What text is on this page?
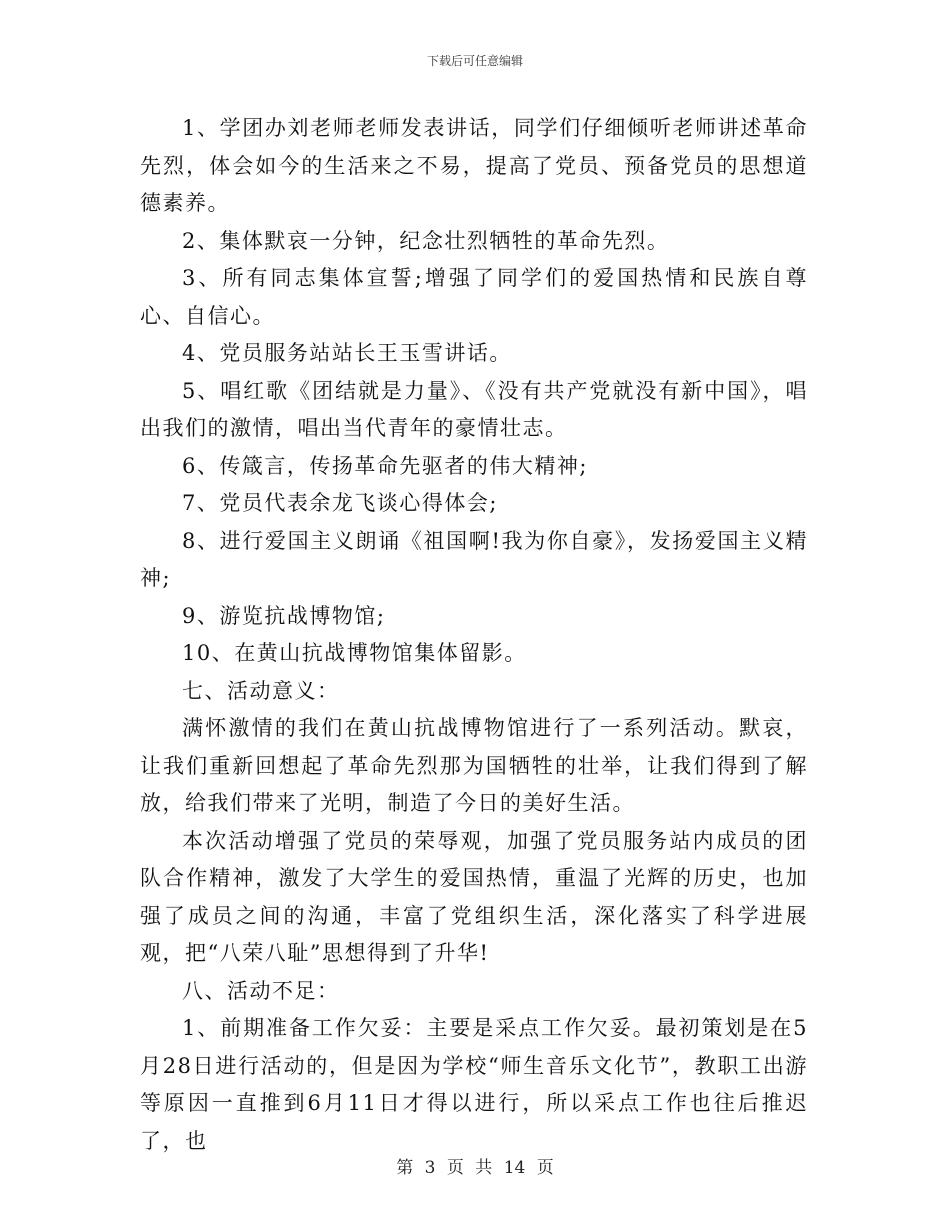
下载后可任意编辑

1、学团办刘老师老师发表讲话，同学们仔细倾听老师讲述革命先烈，体会如今的生活来之不易，提高了党员、预备党员的思想道德素养。

2、集体默哀一分钟，纪念壮烈牺牲的革命先烈。

3、所有同志集体宣誓;增强了同学们的爱国热情和民族自尊心、自信心。

4、党员服务站站长王玉雪讲话。

5、唱红歌《团结就是力量》、《没有共产党就没有新中国》，唱出我们的激情，唱出当代青年的豪情壮志。

6、传箴言，传扬革命先驱者的伟大精神;

7、党员代表余龙飞谈心得体会;

8、进行爱国主义朗诵《祖国啊!我为你自豪》，发扬爱国主义精神;

9、游览抗战博物馆;

10、在黄山抗战博物馆集体留影。

七、活动意义：

满怀激情的我们在黄山抗战博物馆进行了一系列活动。默哀，让我们重新回想起了革命先烈那为国牺牲的壮举，让我们得到了解放，给我们带来了光明，制造了今日的美好生活。

本次活动增强了党员的荣辱观，加强了党员服务站内成员的团队合作精神，激发了大学生的爱国热情，重温了光辉的历史，也加强了成员之间的沟通，丰富了党组织生活，深化落实了科学进展观，把“八荣八耻”思想得到了升华!

八、活动不足：

1、前期准备工作欠妥：主要是采点工作欠妥。最初策划是在5月28日进行活动的，但是因为学校“师生音乐文化节”，教职工出游等原因一直推到6月11日才得以进行，所以采点工作也往后推迟了，也

第 3 页 共 14 页
